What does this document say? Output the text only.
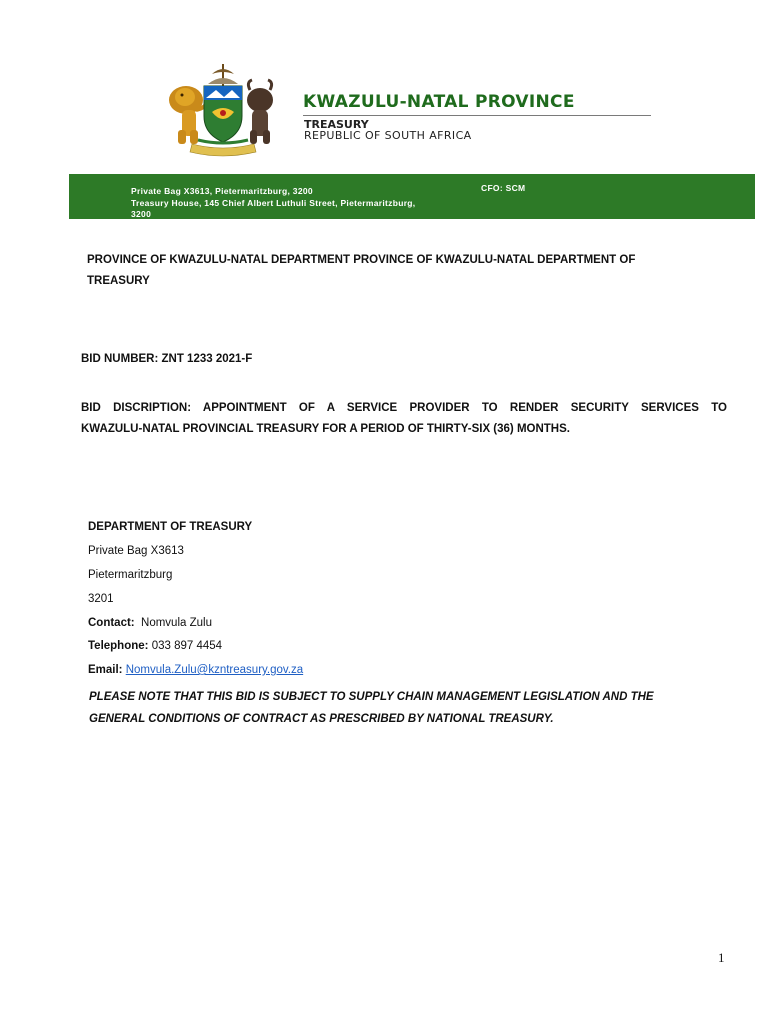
KWAZULU-NATAL PROVINCE
TREASURY
REPUBLIC OF SOUTH AFRICA
Private Bag X3613, Pietermaritzburg, 3200
Treasury House, 145 Chief Albert Luthuli Street, Pietermaritzburg,
3200
CFO: SCM
PROVINCE OF KWAZULU-NATAL DEPARTMENT PROVINCE OF KWAZULU-NATAL DEPARTMENT OF
TREASURY
BID NUMBER: ZNT 1233 2021-F
BID DISCRIPTION: APPOINTMENT OF A SERVICE PROVIDER TO RENDER SECURITY SERVICES TO
KWAZULU-NATAL PROVINCIAL TREASURY FOR A PERIOD OF THIRTY-SIX (36) MONTHS.
DEPARTMENT OF TREASURY
Private Bag X3613
Pietermaritzburg
3201
Contact: Nomvula Zulu
Telephone: 033 897 4454
Email: Nomvula.Zulu@kzntreasury.gov.za
PLEASE NOTE THAT THIS BID IS SUBJECT TO SUPPLY CHAIN MANAGEMENT LEGISLATION AND THE
GENERAL CONDITIONS OF CONTRACT AS PRESCRIBED BY NATIONAL TREASURY.
1
